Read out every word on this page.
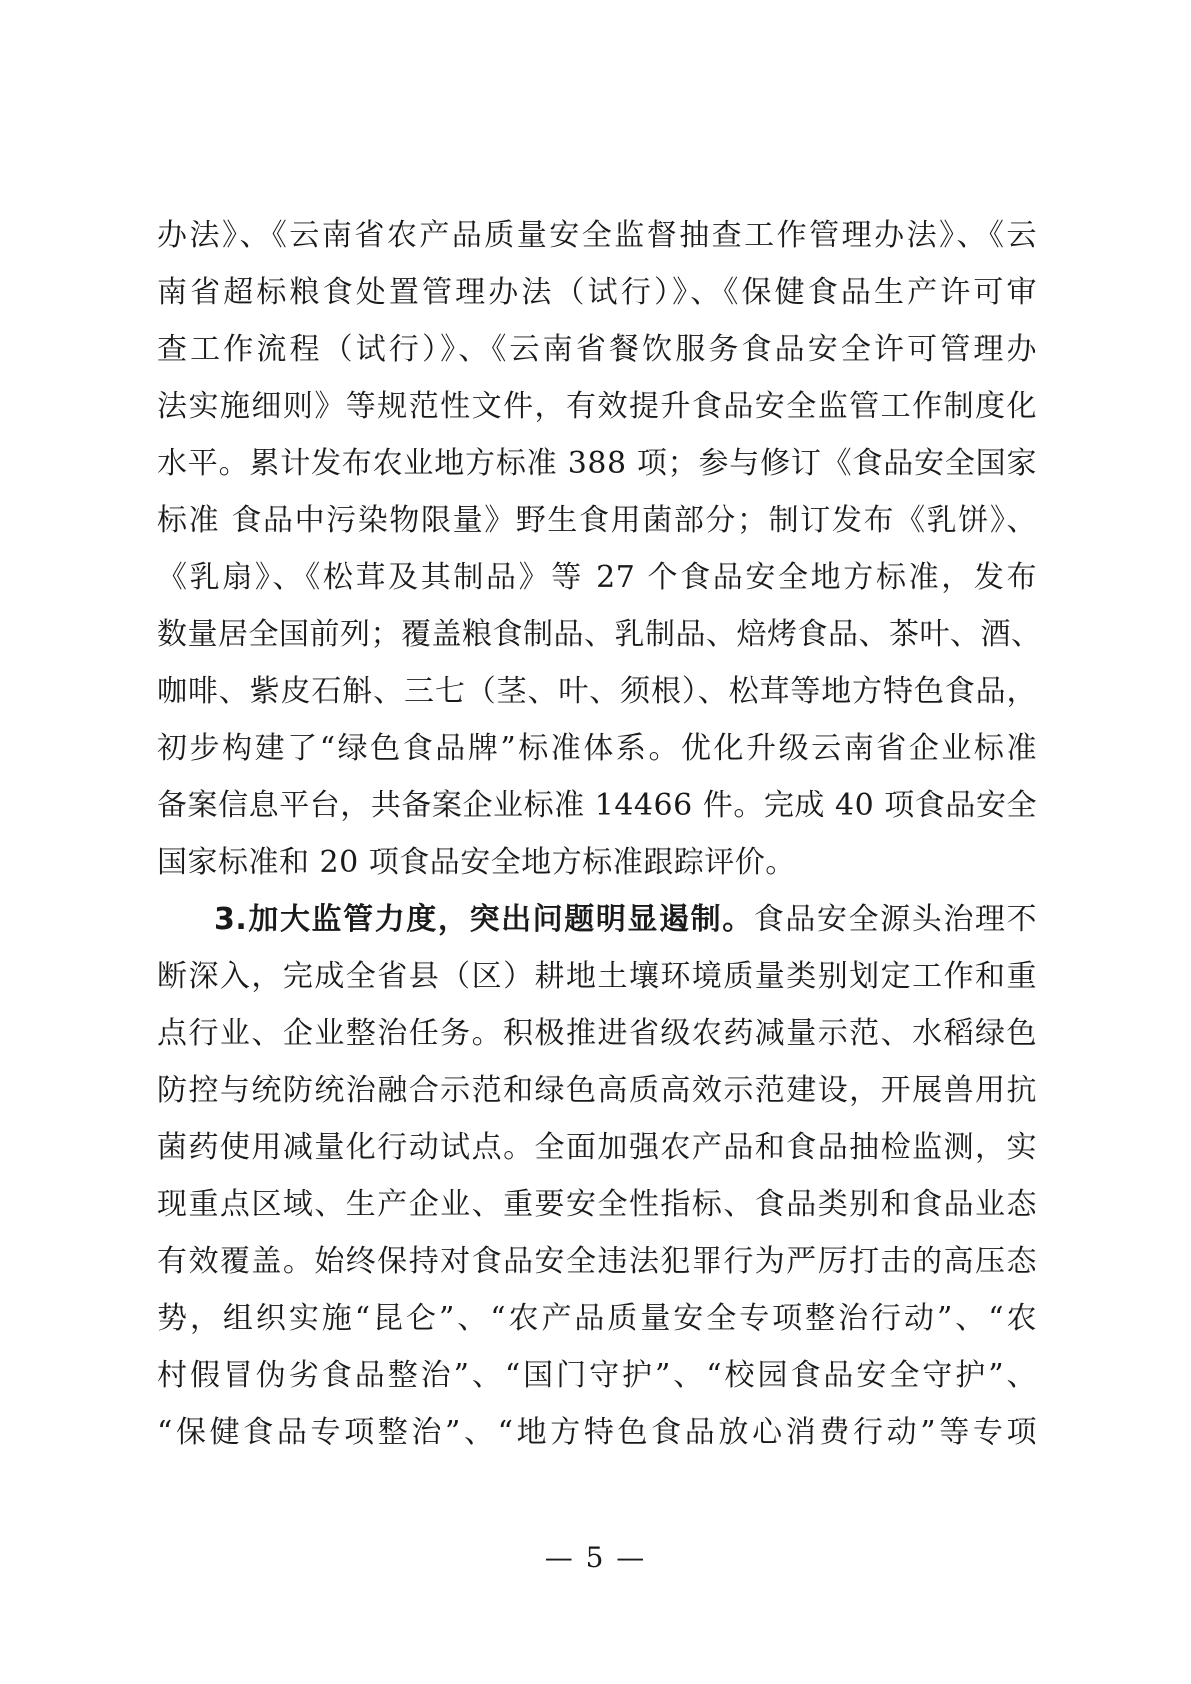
办法》、《云南省农产品质量安全监督抽查工作管理办法》、《云
南省超标粮食处置管理办法（试行）》、《保健食品生产许可审
查工作流程（试行）》、《云南省餐饮服务食品安全许可管理办
法实施细则》等规范性文件，有效提升食品安全监管工作制度化
水平。累计发布农业地方标准 388 项；参与修订《食品安全国家
标准 食品中污染物限量》野生食用菌部分；制订发布《乳饼》、
《乳扇》、《松茸及其制品》等 27 个食品安全地方标准，发布
数量居全国前列；覆盖粮食制品、乳制品、焙烤食品、茶叶、酒、
咖啡、紫皮石斛、三七（茎、叶、须根）、松茸等地方特色食品，
初步构建了“绿色食品牌”标准体系。优化升级云南省企业标准
备案信息平台，共备案企业标准 14466 件。完成 40 项食品安全
国家标准和 20 项食品安全地方标准跟踪评价。
3.加大监管力度，突出问题明显遏制。食品安全源头治理不
断深入，完成全省县（区）耕地土壤环境质量类别划定工作和重
点行业、企业整治任务。积极推进省级农药减量示范、水稻绿色
防控与统防统治融合示范和绿色高质高效示范建设，开展兽用抗
菌药使用减量化行动试点。全面加强农产品和食品抽检监测，实
现重点区域、生产企业、重要安全性指标、食品类别和食品业态
有效覆盖。始终保持对食品安全违法犯罪行为严厉打击的高压态
势，组织实施“昆仑”、“农产品质量安全专项整治行动”、“农
村假冒伪劣食品整治”、“国门守护”、“校园食品安全守护”、
“保健食品专项整治”、“地方特色食品放心消费行动”等专项
— 5 —
